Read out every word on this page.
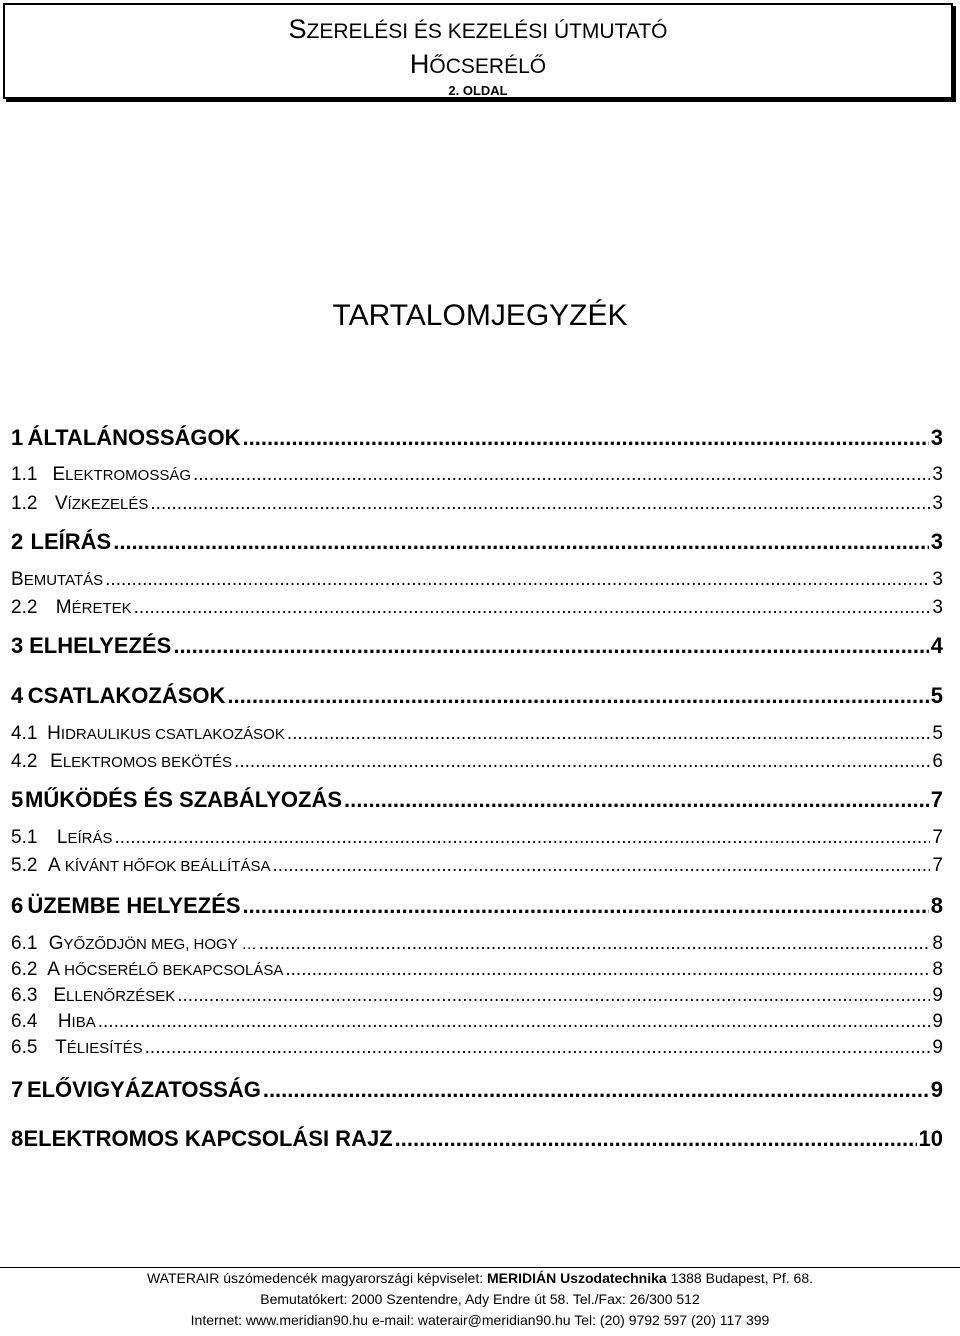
SZERELÉSI ÉS KEZELÉSI ÚTMUTATÓ
HŐCSERÉLŐ
2. OLDAL
TARTALOMJEGYZÉK
1 ÁLTALÁNOSSÁGOK .....	3
1.1 ELEKTROMOSSÁG .....	3
1.2 VÍZKEZELÉS .....	3
2 LEÍRÁS .....	3
BEMUTATÁS .....	3
2.2 MÉRETEK .....	3
3 ELHELYEZÉS .....	4
4 CSATLAKOZÁSOK .....	5
4.1 HIDRAULIKUS CSATLAKOZÁSOK .....	5
4.2 ELEKTROMOS BEKÖTÉS .....	6
5 MŰKÖDÉS ÉS SZABÁLYOZÁS .....	7
5.1	LEÍRÁS .....	7
5.2 A KÍVÁNT HŐFOK BEÁLLÍTÁSA .....	7
6 ÜZEMBE HELYEZÉS .....	8
6.1 GYŐZŐDJÖN MEG, HOGY … .....	8
6.2 A HŐCSERÉLŐ BEKAPCSOLÁSA .....	8
6.3 ELLENŐRZÉSEK .....	9
6.4	HIBA .....	9
6.5 TÉLIESÍTÉS .....	9
7 ELŐVIGYÁZATOSSÁG .....	9
8 ELEKTROMOS KAPCSOLÁSI RAJZ .....	10
WATERAIR úszómedencék magyarországi képviselet: MERIDIÁN Uszodatechnika 1388 Budapest, Pf. 68.
Bemutatókert: 2000 Szentendre, Ady Endre út 58. Tel./Fax: 26/300 512
Internet: www.meridian90.hu e-mail: waterair@meridian90.hu Tel: (20) 9792 597 (20) 117 399
